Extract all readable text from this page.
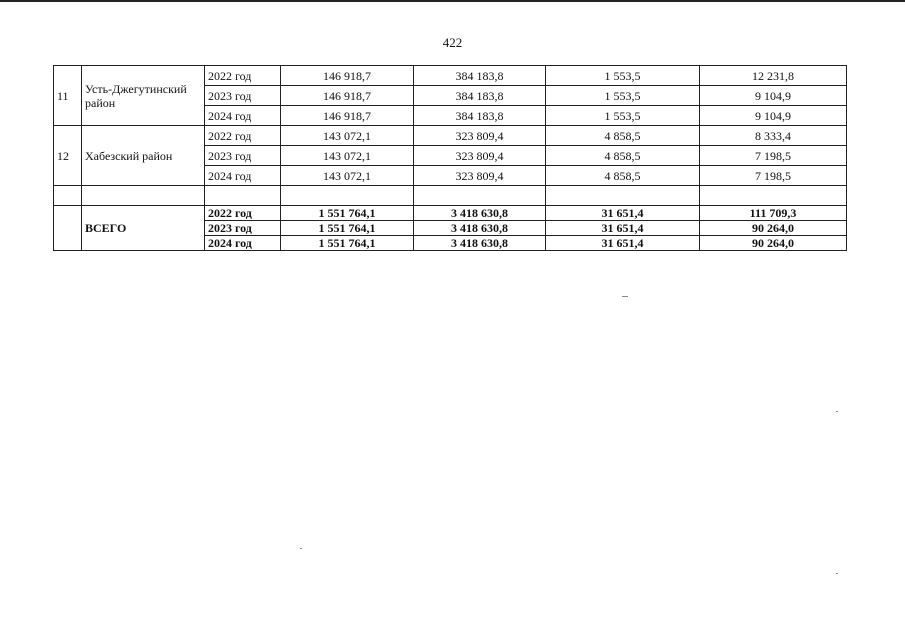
422
11	Усть-Джегутинский район	2022 год	146 918,7	384 183,8	1 553,5	12 231,8
		2023 год	146 918,7	384 183,8	1 553,5	9 104,9
		2024 год	146 918,7	384 183,8	1 553,5	9 104,9
12	Хабезский район	2022 год	143 072,1	323 809,4	4 858,5	8 333,4
		2023 год	143 072,1	323 809,4	4 858,5	7 198,5
		2024 год	143 072,1	323 809,4	4 858,5	7 198,5

	ВСЕГО	2022 год	1 551 764,1	3 418 630,8	31 651,4	111 709,3
		2023 год	1 551 764,1	3 418 630,8	31 651,4	90 264,0
		2024 год	1 551 764,1	3 418 630,8	31 651,4	90 264,0
